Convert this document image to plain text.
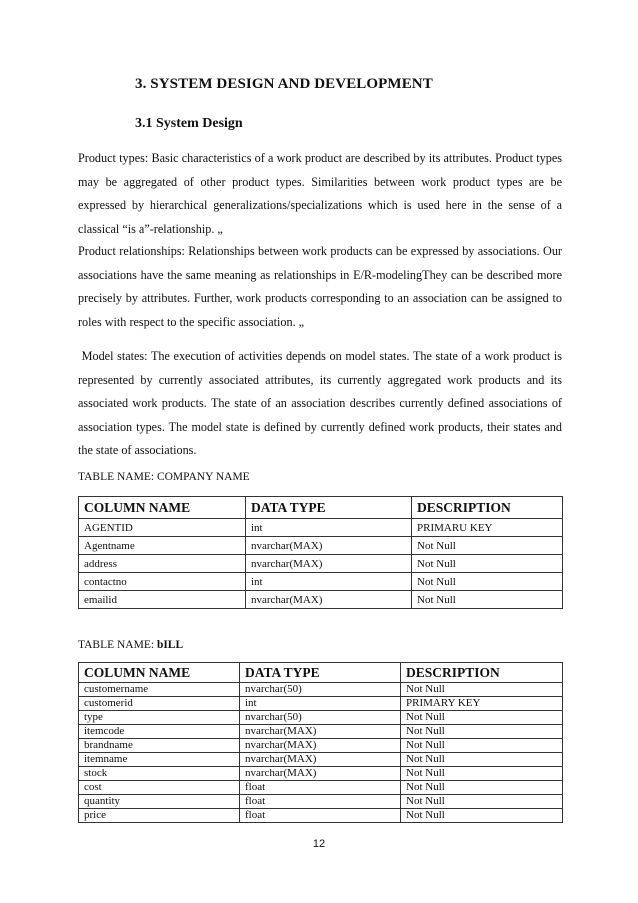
3. SYSTEM DESIGN AND DEVELOPMENT

3.1 System Design

Product types: Basic characteristics of a work product are described by its attributes. Product types may be aggregated of other product types. Similarities between work product types are be expressed by hierarchical generalizations/specializations which is used here in the sense of a classical “is a”-relationship. „

Product relationships: Relationships between work products can be expressed by associations. Our associations have the same meaning as relationships in E/R-modelingThey can be described more precisely by attributes. Further, work products corresponding to an association can be assigned to roles with respect to the specific association. „

Model states: The execution of activities depends on model states. The state of a work product is represented by currently associated attributes, its currently aggregated work products and its associated work products. The state of an association describes currently defined associations of association types. The model state is defined by currently defined work products, their states and the state of associations.

TABLE NAME: COMPANY NAME

COLUMN NAME	DATA TYPE	DESCRIPTION
AGENTID	int	PRIMARU KEY
Agentname	nvarchar(MAX)	Not Null
address	nvarchar(MAX)	Not Null
contactno	int	Not Null
emailid	nvarchar(MAX)	Not Null

TABLE NAME: bILL

COLUMN NAME	DATA TYPE	DESCRIPTION
customername	nvarchar(50)	Not Null
customerid	int	PRIMARY KEY
type	nvarchar(50)	Not Null
itemcode	nvarchar(MAX)	Not Null
brandname	nvarchar(MAX)	Not Null
itemname	nvarchar(MAX)	Not Null
stock	nvarchar(MAX)	Not Null
cost	float	Not Null
quantity	float	Not Null
price	float	Not Null

12
